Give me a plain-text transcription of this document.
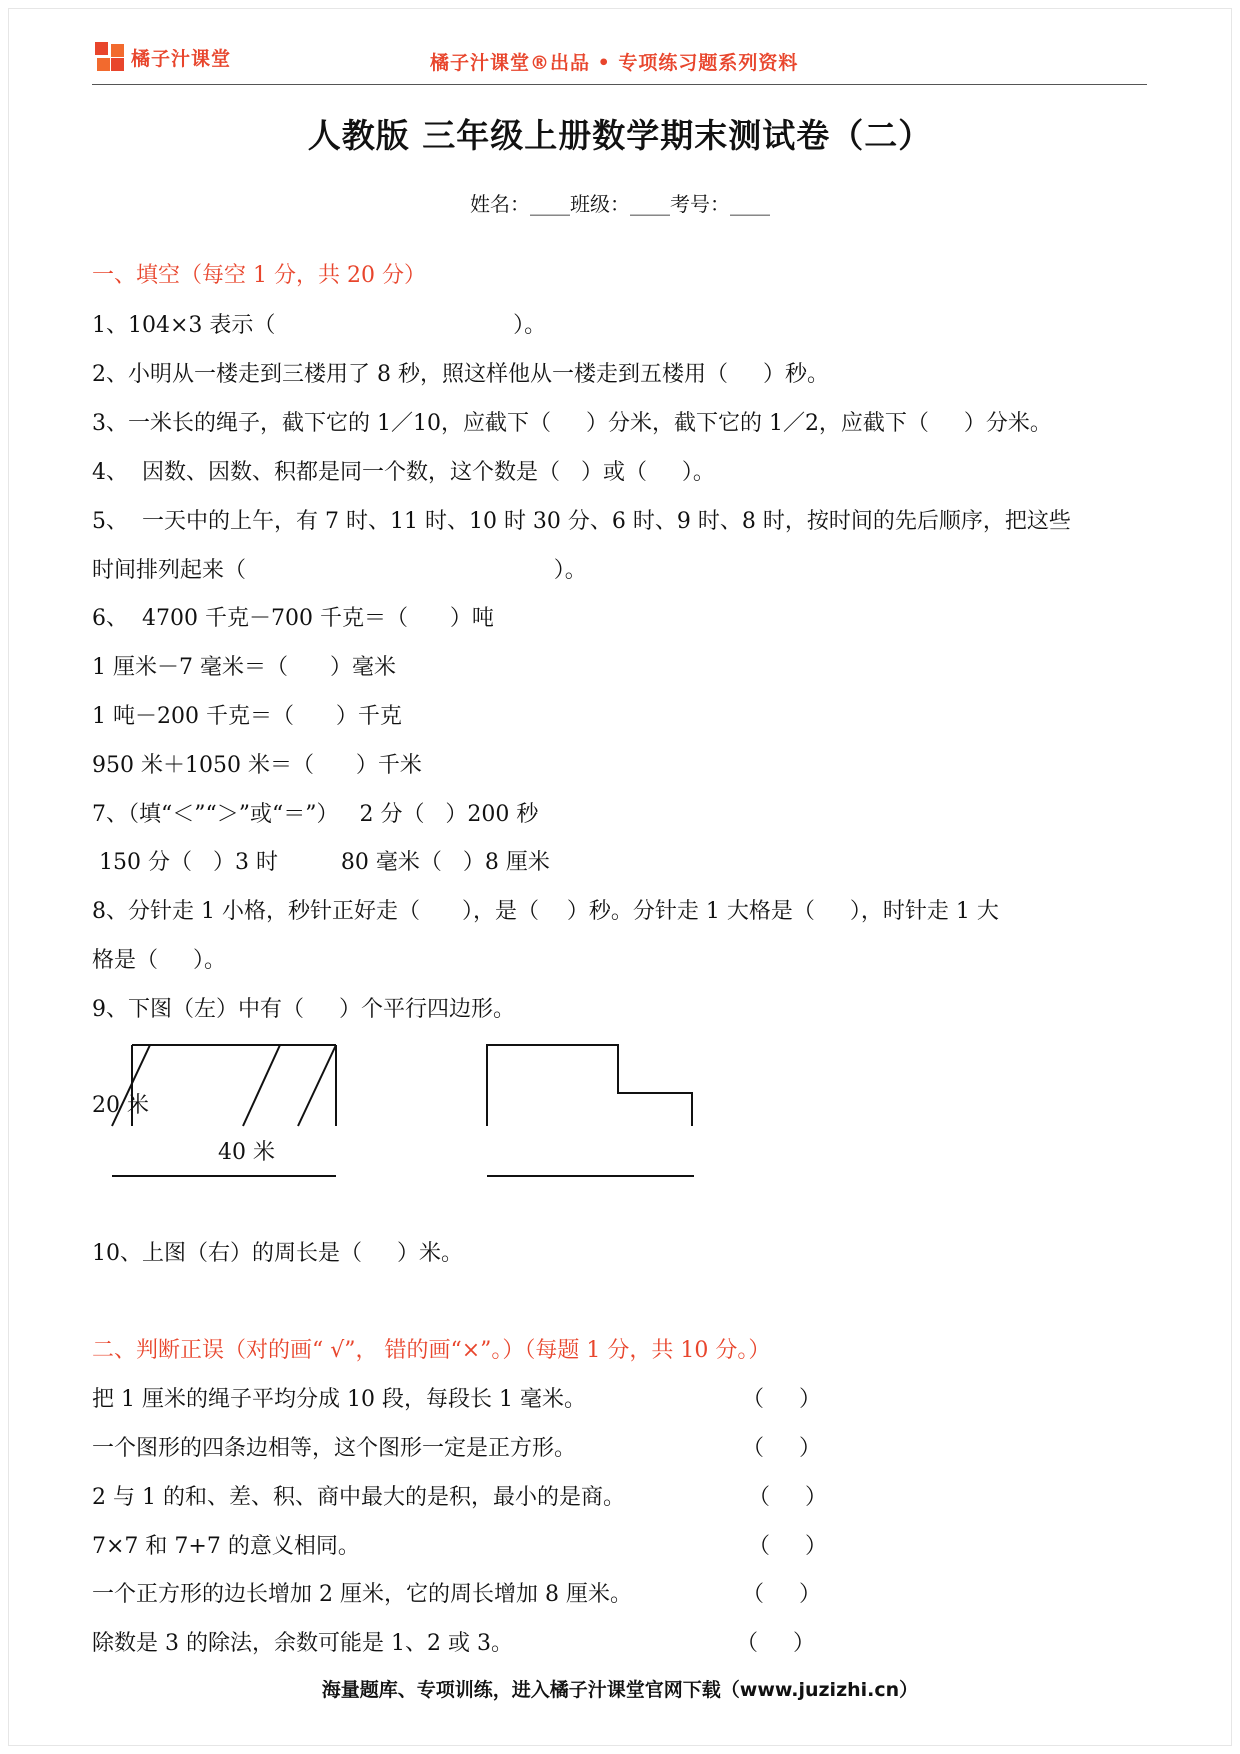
橘子汁课堂	橘子汁课堂®出品 • 专项练习题系列资料
人教版 三年级上册数学期末测试卷（二）
姓名：____班级：____考号：____
一、填空（每空 1 分，共 20 分）
1、104×3 表示（                                  ）。
2、小明从一楼走到三楼用了 8 秒，照这样他从一楼走到五楼用（     ）秒。
3、一米长的绳子，截下它的 1／10，应截下（     ）分米，截下它的 1／2，应截下（     ）分米。
4、  因数、因数、积都是同一个数，这个数是（   ）或（     ）。
5、  一天中的上午，有 7 时、11 时、10 时 30 分、6 时、9 时、8 时，按时间的先后顺序，把这些
时间排列起来（                                            ）。
6、  4700 千克－700 千克＝（      ）吨
1 厘米－7 毫米＝（      ）毫米
1 吨－200 千克＝（      ）千克
950 米＋1050 米＝（      ）千米
7、（填“＜”“＞”或“＝”）   2 分（   ）200 秒
150 分（   ）3 时         80 毫米（   ）8 厘米
8、分针走 1 小格，秒针正好走（      ），是（    ）秒。分针走 1 大格是（     ），时针走 1 大
格是（     ）。
9、下图（左）中有（     ）个平行四边形。
20 米
40 米
10、上图（右）的周长是（     ）米。
二、判断正误（对的画“ √”， 错的画“×”。）（每题 1 分，共 10 分。）
把 1 厘米的绳子平均分成 10 段，每段长 1 毫米。	（     ）
一个图形的四条边相等，这个图形一定是正方形。	（     ）
2 与 1 的和、差、积、商中最大的是积，最小的是商。	（     ）
7×7 和 7+7 的意义相同。	（     ）
一个正方形的边长增加 2 厘米，它的周长增加 8 厘米。	（     ）
除数是 3 的除法，余数可能是 1、2 或 3。	（     ）
海量题库、专项训练，进入橘子汁课堂官网下载（www.juzizhi.cn）
